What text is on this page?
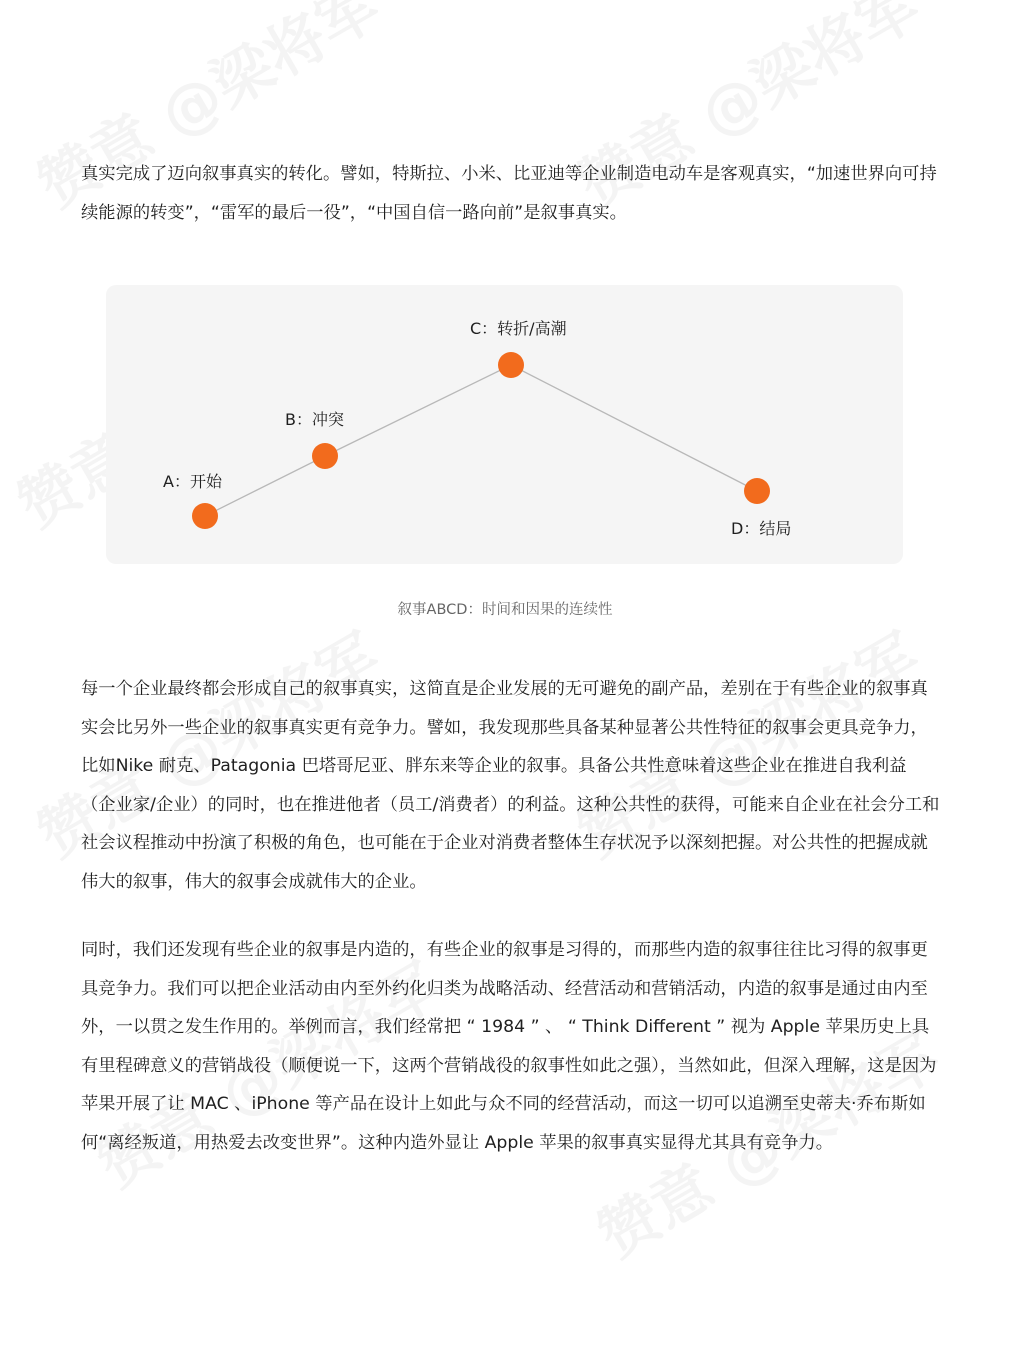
真实完成了迈向叙事真实的转化。譬如，特斯拉、小米、比亚迪等企业制造电动车是客观真实，“加速世界向可持续能源的转变”，“雷军的最后一役”，“中国自信一路向前”是叙事真实。

A：开始
B：冲突
C：转折/高潮
D：结局
叙事ABCD：时间和因果的连续性

每一个企业最终都会形成自己的叙事真实，这简直是企业发展的无可避免的副产品，差别在于有些企业的叙事真实会比另外一些企业的叙事真实更有竞争力。譬如，我发现那些具备某种显著公共性特征的叙事会更具竞争力，比如Nike 耐克、Patagonia 巴塔哥尼亚、胖东来等企业的叙事。具备公共性意味着这些企业在推进自我利益（企业家/企业）的同时，也在推进他者（员工/消费者）的利益。这种公共性的获得，可能来自企业在社会分工和社会议程推动中扮演了积极的角色，也可能在于企业对消费者整体生存状况予以深刻把握。对公共性的把握成就伟大的叙事，伟大的叙事会成就伟大的企业。

同时，我们还发现有些企业的叙事是内造的，有些企业的叙事是习得的，而那些内造的叙事往往比习得的叙事更具竞争力。我们可以把企业活动由内至外约化归类为战略活动、经营活动和营销活动，内造的叙事是通过由内至外，一以贯之发生作用的。举例而言，我们经常把 “ 1984 ” 、 “ Think Different ” 视为 Apple 苹果历史上具有里程碑意义的营销战役（顺便说一下，这两个营销战役的叙事性如此之强），当然如此，但深入理解，这是因为苹果开展了让 MAC 、iPhone 等产品在设计上如此与众不同的经营活动，而这一切可以追溯至史蒂夫·乔布斯如何“离经叛道，用热爱去改变世界”。这种内造外显让 Apple 苹果的叙事真实显得尤其具有竞争力。
